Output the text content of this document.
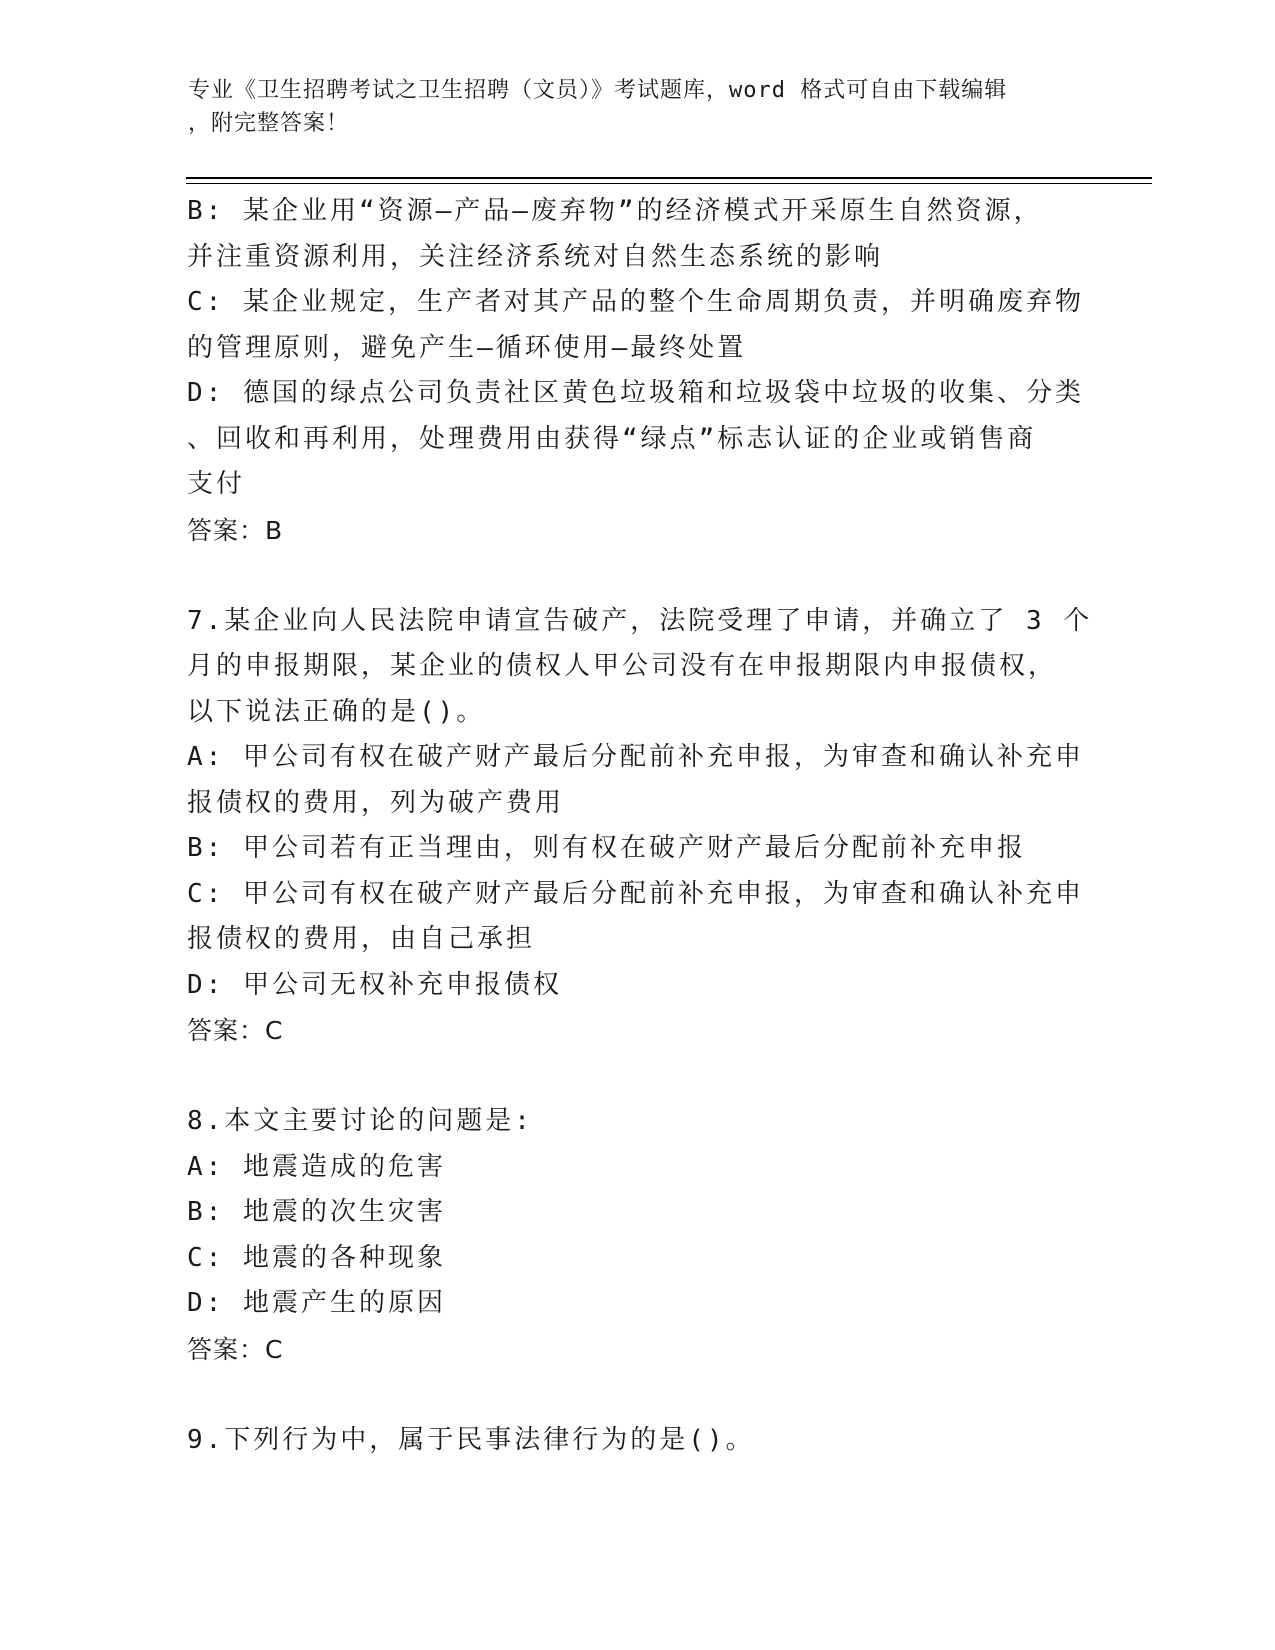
专业《卫生招聘考试之卫生招聘（文员）》考试题库，word 格式可自由下载编辑
，附完整答案！
B: 某企业用“资源—产品—废弃物”的经济模式开采原生自然资源，
并注重资源利用，关注经济系统对自然生态系统的影响
C: 某企业规定，生产者对其产品的整个生命周期负责，并明确废弃物
的管理原则，避免产生—循环使用—最终处置
D: 德国的绿点公司负责社区黄色垃圾箱和垃圾袋中垃圾的收集、分类
、回收和再利用，处理费用由获得“绿点”标志认证的企业或销售商
支付
答案：B
7.某企业向人民法院申请宣告破产，法院受理了申请，并确立了 3 个
月的申报期限，某企业的债权人甲公司没有在申报期限内申报债权，
以下说法正确的是()。
A: 甲公司有权在破产财产最后分配前补充申报，为审查和确认补充申
报债权的费用，列为破产费用
B: 甲公司若有正当理由，则有权在破产财产最后分配前补充申报
C: 甲公司有权在破产财产最后分配前补充申报，为审查和确认补充申
报债权的费用，由自己承担
D: 甲公司无权补充申报债权
答案：C
8.本文主要讨论的问题是:
A: 地震造成的危害
B: 地震的次生灾害
C: 地震的各种现象
D: 地震产生的原因
答案：C
9.下列行为中，属于民事法律行为的是()。
